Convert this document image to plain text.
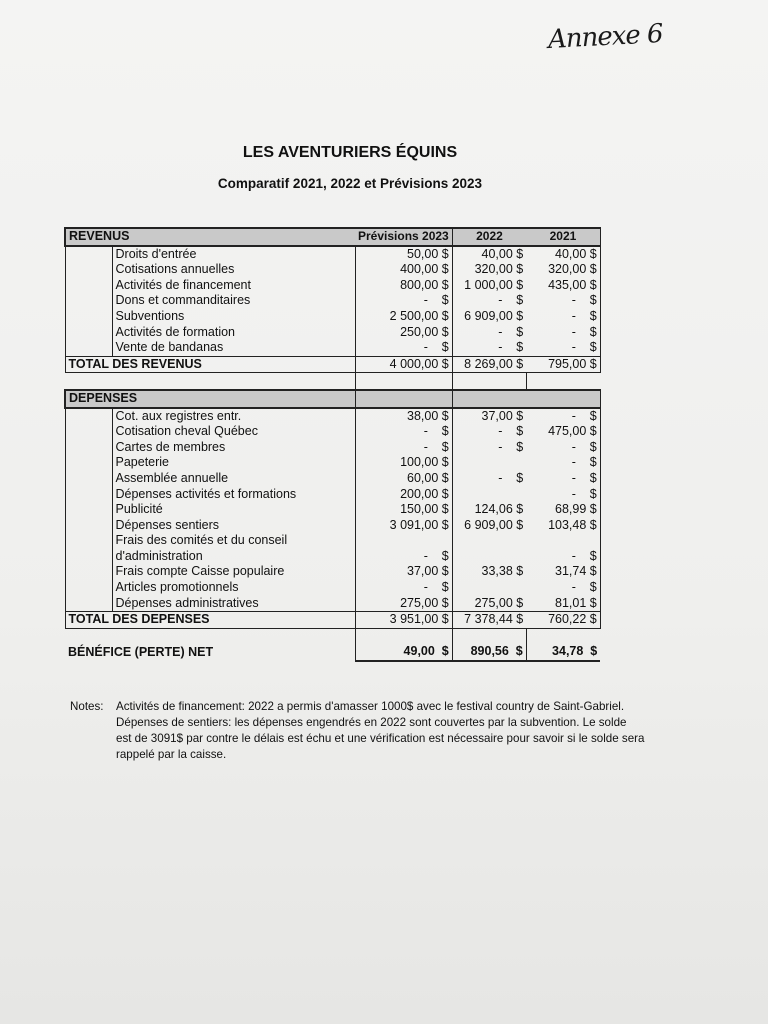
Annexe 6
LES AVENTURIERS ÉQUINS
Comparatif 2021, 2022 et Prévisions 2023
REVENUS		Prévisions 2023	2022	2021
	Droits d'entrée	50,00 $	40,00 $	40,00 $
	Cotisations annuelles	400,00 $	320,00 $	320,00 $
	Activités de financement	800,00 $	1 000,00 $	435,00 $
	Dons et commanditaires	-    $	-    $	-    $
	Subventions	2 500,00 $	6 909,00 $	-    $
	Activités de formation	250,00 $	-    $	-    $
	Vente de bandanas	-    $	-    $	-    $
TOTAL DES REVENUS		4 000,00 $	8 269,00 $	795,00 $

DEPENSES				
	Cot. aux registres entr.	38,00 $	37,00 $	-    $
	Cotisation cheval Québec	-    $	-    $	475,00 $
	Cartes de membres	-    $	-    $	-    $
	Papeterie	100,00 $		-    $
	Assemblée annuelle	60,00 $	-    $	-    $
	Dépenses activités et formations	200,00 $		-    $
	Publicité	150,00 $	124,06 $	68,99 $
	Dépenses sentiers	3 091,00 $	6 909,00 $	103,48 $
	Frais des comités et du conseil			
	d'administration	-    $		-    $
	Frais compte Caisse populaire	37,00 $	33,38 $	31,74 $
	Articles promotionnels	-    $		-    $
	Dépenses administratives	275,00 $	275,00 $	81,01 $
TOTAL DES DEPENSES		3 951,00 $	7 378,44 $	760,22 $

BÉNÉFICE (PERTE) NET		49,00  $	890,56  $	34,78  $
Notes: Activités de financement: 2022 a permis d'amasser 1000$ avec le festival country de Saint-Gabriel.

Dépenses de sentiers: les dépenses engendrés en 2022 sont couvertes par la subvention. Le solde

est de 3091$ par contre le délais est échu et une vérification est nécessaire pour savoir si le solde sera

rappelé par la caisse.
